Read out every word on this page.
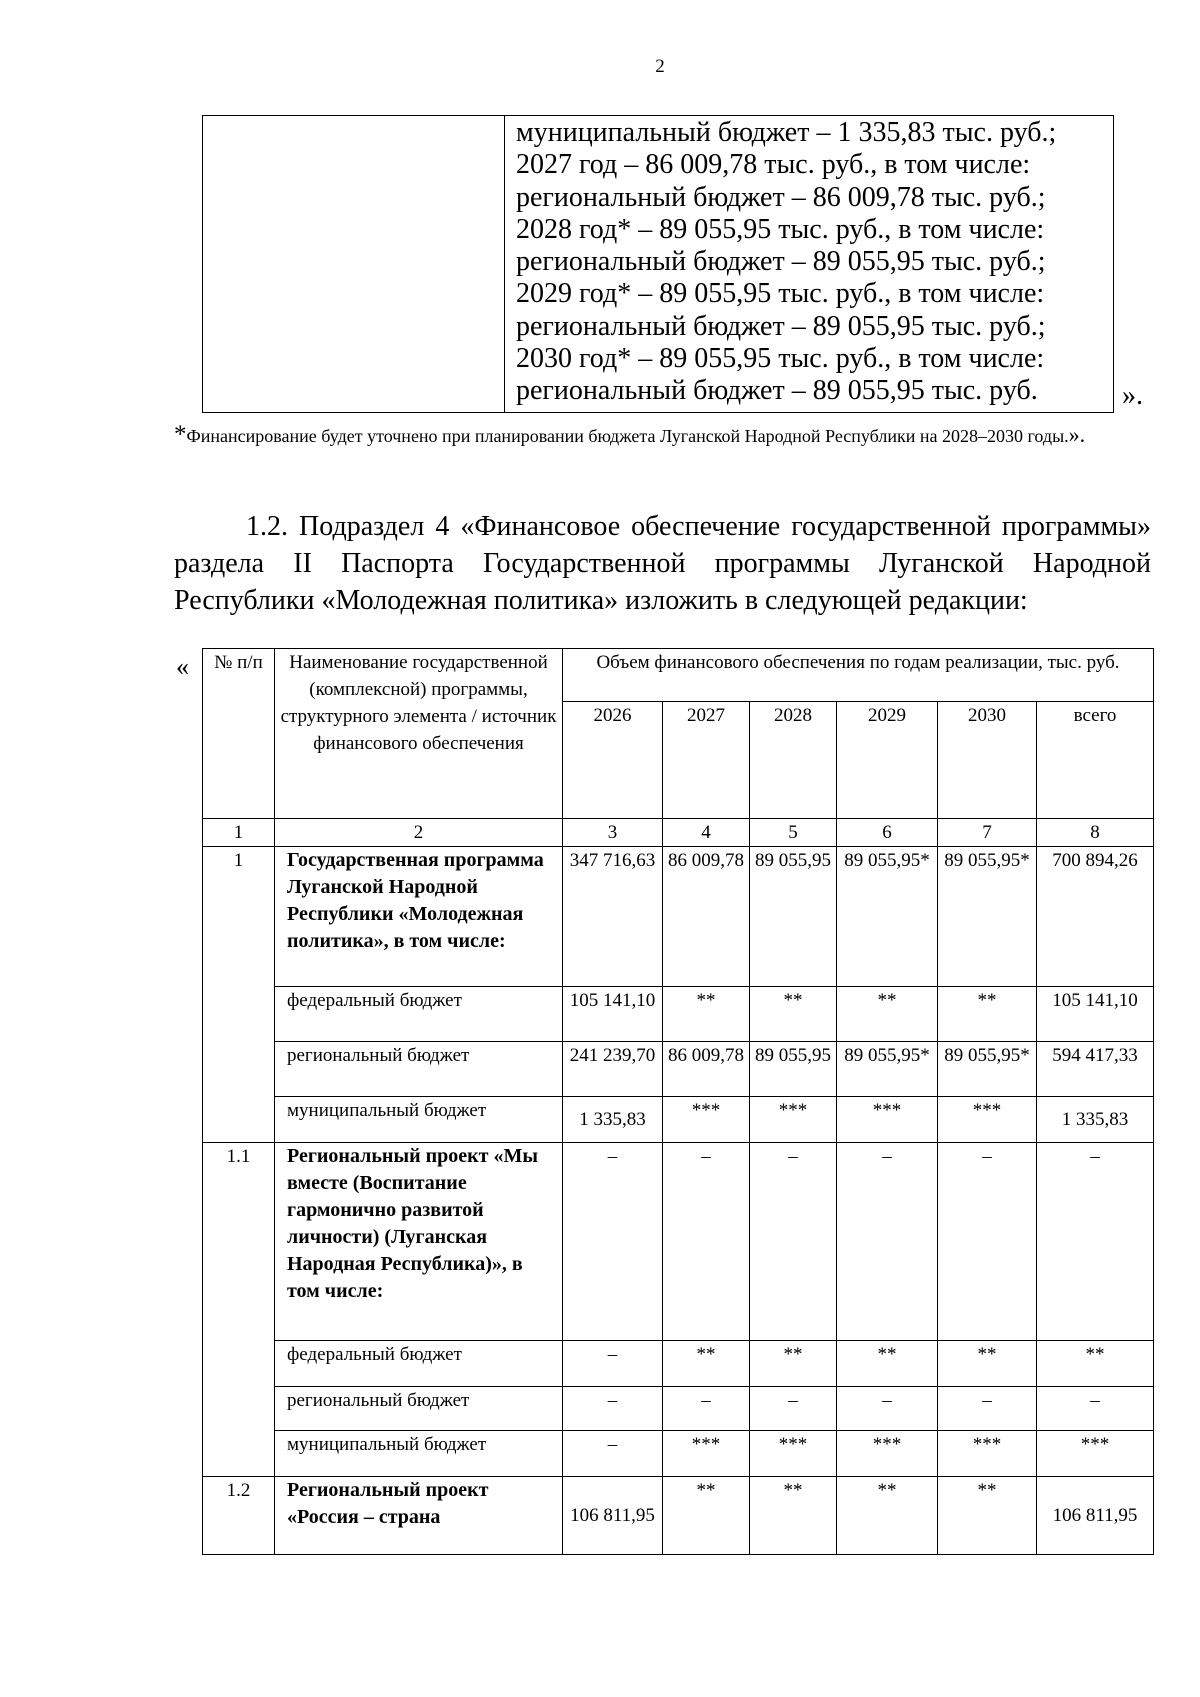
2
муниципальный бюджет – 1 335,83 тыс. руб.;
2027 год – 86 009,78 тыс. руб., в том числе:
региональный бюджет – 86 009,78 тыс. руб.;
2028 год* – 89 055,95 тыс. руб., в том числе:
региональный бюджет – 89 055,95 тыс. руб.;
2029 год* – 89 055,95 тыс. руб., в том числе:
региональный бюджет – 89 055,95 тыс. руб.;
2030 год* – 89 055,95 тыс. руб., в том числе:
региональный бюджет – 89 055,95 тыс. руб.	».
*Финансирование будет уточнено при планировании бюджета Луганской Народной Республики на 2028–2030 годы.».
1.2. Подраздел 4 «Финансовое обеспечение государственной программы»
раздела II Паспорта Государственной программы Луганской Народной
Республики «Молодежная политика» изложить в следующей редакции:
« № п/п	Наименование государственной (комплексной) программы, структурного элемента / источник финансового обеспечения	Объем финансового обеспечения по годам реализации, тыс. руб.					
		2026	2027	2028	2029	2030	всего
1	2	3	4	5	6	7	8
1	Государственная программа Луганской Народной Республики «Молодежная политика», в том числе:	347 716,63	86 009,78	89 055,95	89 055,95*	89 055,95*	700 894,26
	федеральный бюджет	105 141,10	**	**	**	**	105 141,10
	региональный бюджет	241 239,70	86 009,78	89 055,95	89 055,95*	89 055,95*	594 417,33
	муниципальный бюджет	1 335,83	***	***	***	***	1 335,83
1.1	Региональный проект «Мы вместе (Воспитание гармонично развитой личности) (Луганская Народная Республика)», в том числе:	–	–	–	–	–	–
	федеральный бюджет	–	**	**	**	**	**
	региональный бюджет	–	–	–	–	–	–
	муниципальный бюджет	–	***	***	***	***	***
1.2	Региональный проект «Россия – страна	106 811,95	**	**	**	**	106 811,95
